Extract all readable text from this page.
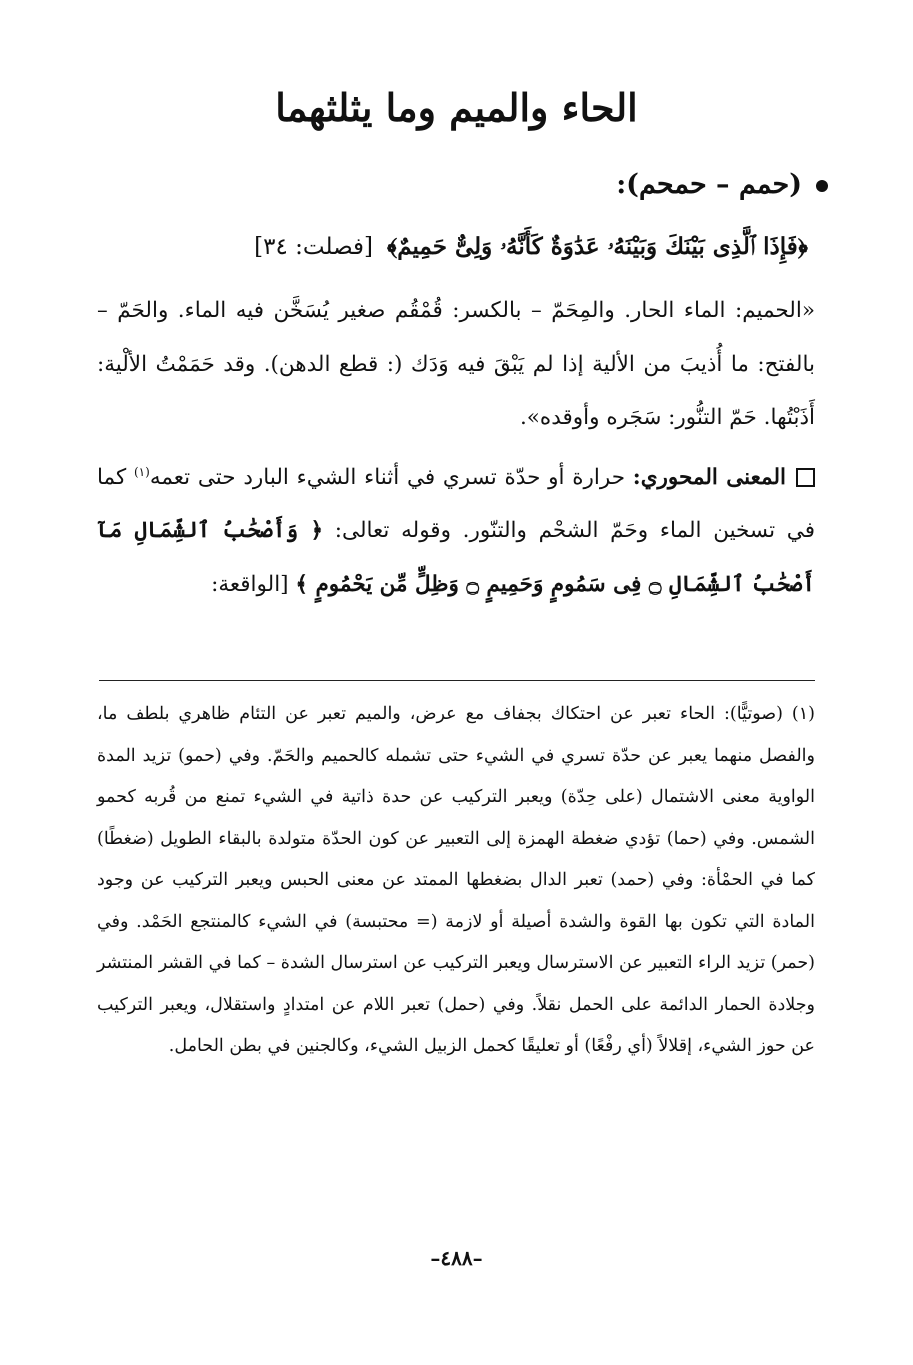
الحاء والميم وما يثلثهما
(حمم – حمحم):
﴿فَإِذَا ٱلَّذِى بَيْنَكَ وَبَيْنَهُۥ عَدَٰوَةٌ كَأَنَّهُۥ وَلِىٌّ حَمِيمٌ﴾ [فصلت: ٣٤]

«الحميم: الماء الحار. والمِحَمّ – بالكسر: قُمْقُم صغير يُسَخَّن فيه الماء. والحَمّ – بالفتح: ما أُذيبَ من الألية إذا لم يَبْقَ فيه وَدَك (: قطع الدهن). وقد حَمَمْتُ الألْية: أَذَبْتُها. حَمّ التنُّور: سَجَره وأوقده».

المعنى المحوري: حرارة أو حدّة تسري في أثناء الشيء البارد حتى تعمه$^{(١)}$ كما في تسخين الماء وحَمّ الشحْم والتنّور. وقوله تعالى: ﴿ وَأَصْحَٰبُ ٱلشِّمَالِ مَآ أَصْحَٰبُ ٱلشِّمَالِ ۝ فِى سَمُومٍ وَحَمِيمٍ ۝ وَظِلٍّ مِّن يَحْمُومٍ ﴾ [الواقعة:

(١) (صوتيًّا): الحاء تعبر عن احتكاك بجفاف مع عرض، والميم تعبر عن التئام ظاهري بلطف ما، والفصل منهما يعبر عن حدّة تسري في الشيء حتى تشمله كالحميم والحَمّ. وفي (حمو) تزيد المدة الواوية معنى الاشتمال (على حِدّة) ويعبر التركيب عن حدة ذاتية في الشيء تمنع من قُربه كحمو الشمس. وفي (حما) تؤدي ضغطة الهمزة إلى التعبير عن كون الحدّة متولدة بالبقاء الطويل (ضغطًا) كما في الحمْأة: وفي (حمد) تعبر الدال بضغطها الممتد عن معنى الحبس ويعبر التركيب عن وجود المادة التي تكون بها القوة والشدة أصيلة أو لازمة (= محتبسة) في الشيء كالمنتجع الحَمْد. وفي (حمر) تزيد الراء التعبير عن الاسترسال ويعبر التركيب عن استرسال الشدة – كما في القشر المنتشر وجلادة الحمار الدائمة على الحمل نقلاً. وفي (حمل) تعبر اللام عن امتدادٍ واستقلال، ويعبر التركيب عن حوز الشيء، إقلالاً (أي رفْعًا) أو تعليقًا كحمل الزبيل الشيء، وكالجنين في بطن الحامل.

–٤٨٨–
